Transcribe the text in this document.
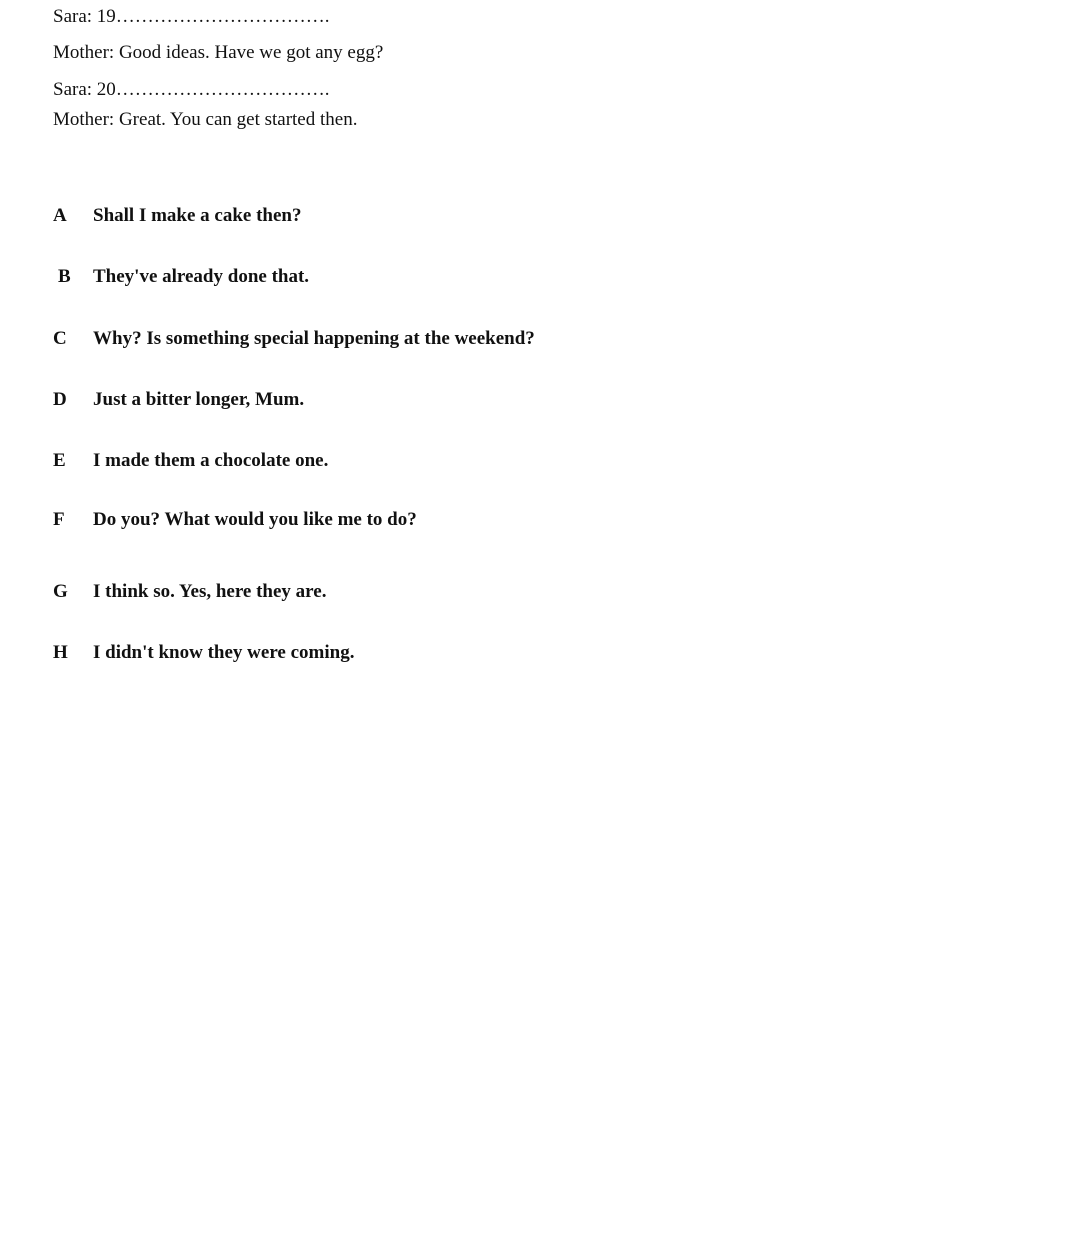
Sara: 19…………………………….
Mother: Good ideas. Have we got any egg?
Sara: 20…………………………….
Mother: Great. You can get started then.
A Shall I make a cake then?
B They've already done that.
C Why? Is something special happening at the weekend?
D Just a bitter longer, Mum.
E I made them a chocolate one.
F Do you? What would you like me to do?
G I think so. Yes, here they are.
H I didn't know they were coming.
